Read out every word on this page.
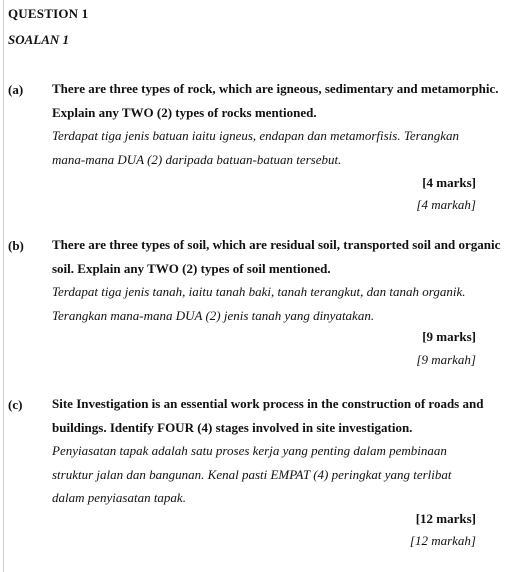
QUESTION 1
SOALAN 1
(a) There are three types of rock, which are igneous, sedimentary and metamorphic.
Explain any TWO (2) types of rocks mentioned.
Terdapat tiga jenis batuan iaitu igneus, endapan dan metamorfisis. Terangkan
mana-mana DUA (2) daripada batuan-batuan tersebut.
[4 marks]
[4 markah]
(b) There are three types of soil, which are residual soil, transported soil and organic
soil. Explain any TWO (2) types of soil mentioned.
Terdapat tiga jenis tanah, iaitu tanah baki, tanah terangkut, dan tanah organik.
Terangkan mana-mana DUA (2) jenis tanah yang dinyatakan.
[9 marks]
[9 markah]
(c) Site Investigation is an essential work process in the construction of roads and
buildings. Identify FOUR (4) stages involved in site investigation.
Penyiasatan tapak adalah satu proses kerja yang penting dalam pembinaan
struktur jalan dan bangunan. Kenal pasti EMPAT (4) peringkat yang terlibat
dalam penyiasatan tapak.
[12 marks]
[12 markah]
